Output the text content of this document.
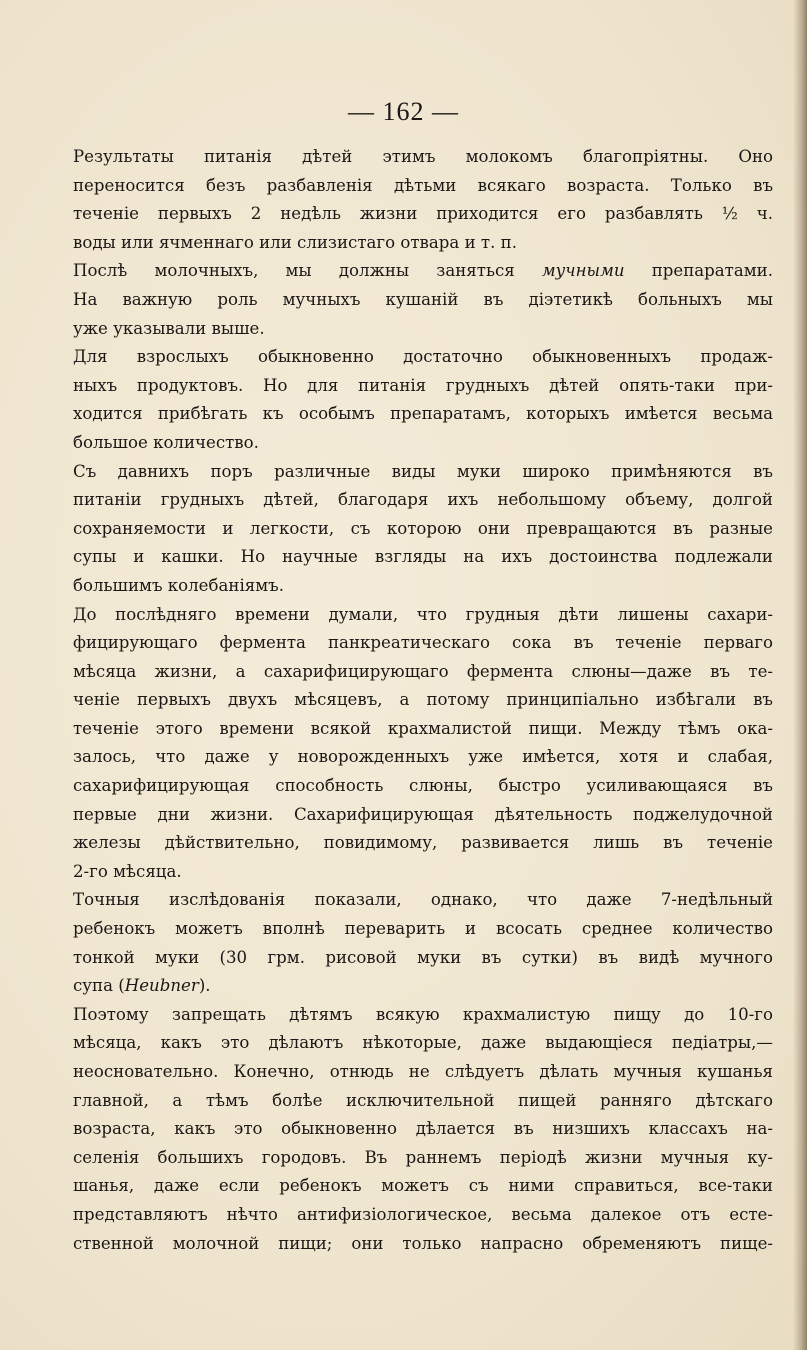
— 162 —
Результаты питанія дѣтей этимъ молокомъ благопріятны. Оно
переносится безъ разбавленія дѣтьми всякаго возраста. Только въ
теченіе первыхъ 2 недѣль жизни приходится его разбавлять ½ ч.
воды или ячменнаго или слизистаго отвара и т. п.
Послѣ молочныхъ, мы должны заняться мучными препаратами.
На важную роль мучныхъ кушаній въ діэтетикѣ больныхъ мы
уже указывали выше.
Для взрослыхъ обыкновенно достаточно обыкновенныхъ продаж-
ныхъ продуктовъ. Но для питанія грудныхъ дѣтей опять-таки при-
ходится прибѣгать къ особымъ препаратамъ, которыхъ имѣется весьма
большое количество.
Съ давнихъ поръ различные виды муки широко примѣняются въ
питаніи грудныхъ дѣтей, благодаря ихъ небольшому объему, долгой
сохраняемости и легкости, съ которою они превращаются въ разные
супы и кашки. Но научные взгляды на ихъ достоинства подлежали
большимъ колебаніямъ.
До послѣдняго времени думали, что грудныя дѣти лишены сахари-
фицирующаго фермента панкреатическаго сока въ теченіе перваго
мѣсяца жизни, а сахарифицирующаго фермента слюны—даже въ те-
ченіе первыхъ двухъ мѣсяцевъ, а потому принципіально избѣгали въ
теченіе этого времени всякой крахмалистой пищи. Между тѣмъ ока-
залось, что даже у новорожденныхъ уже имѣется, хотя и слабая,
сахарифицирующая способность слюны, быстро усиливающаяся въ
первые дни жизни. Сахарифицирующая дѣятельность поджелудочной
железы дѣйствительно, повидимому, развивается лишь въ теченіе
2-го мѣсяца.
Точныя изслѣдованія показали, однако, что даже 7-недѣльный
ребенокъ можетъ вполнѣ переварить и всосать среднее количество
тонкой муки (30 грм. рисовой муки въ сутки) въ видѣ мучного
супа (Heubner).
Поэтому запрещать дѣтямъ всякую крахмалистую пищу до 10-го
мѣсяца, какъ это дѣлаютъ нѣкоторые, даже выдающіеся педіатры,—
неосновательно. Конечно, отнюдь не слѣдуетъ дѣлать мучныя кушанья
главной, а тѣмъ болѣе исключительной пищей ранняго дѣтскаго
возраста, какъ это обыкновенно дѣлается въ низшихъ классахъ на-
селенія большихъ городовъ. Въ раннемъ періодѣ жизни мучныя ку-
шанья, даже если ребенокъ можетъ съ ними справиться, все-таки
представляютъ нѣчто антифизіологическое, весьма далекое отъ есте-
ственной молочной пищи; они только напрасно обременяютъ пище-
